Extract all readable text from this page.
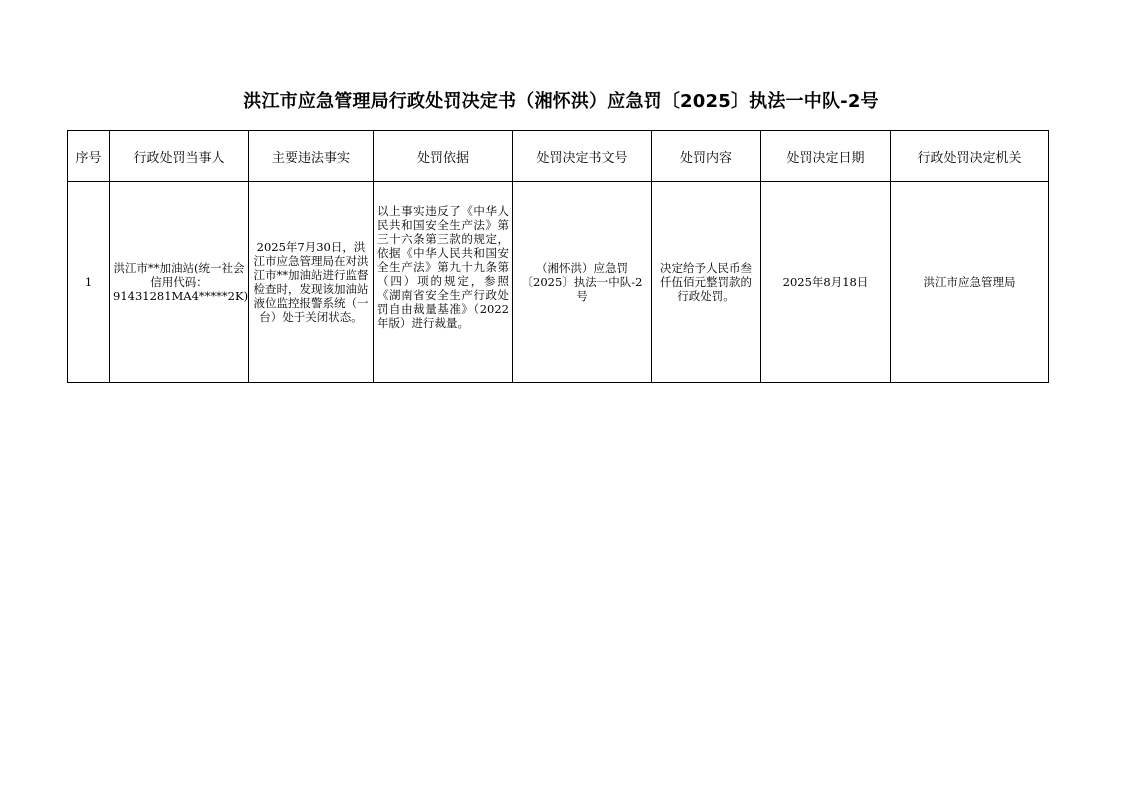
洪江市应急管理局行政处罚决定书（湘怀洪）应急罚〔2025〕执法一中队-2号
序号	行政处罚当事人	主要违法事实	处罚依据	处罚决定书文号	处罚内容	处罚决定日期	行政处罚决定机关

1	洪江市**加油站(统一社会信用代码：91431281MA4*****2K)	2025年7月30日，洪江市应急管理局在对洪江市**加油站进行监督检查时，发现该加油站液位监控报警系统（一台）处于关闭状态。	以上事实违反了《中华人民共和国安全生产法》第三十六条第三款的规定，依据《中华人民共和国安全生产法》第九十九条第（四）项的规定，参照《湖南省安全生产行政处罚自由裁量基准》（2022年版）进行裁量。	（湘怀洪）应急罚〔2025〕执法一中队-2号	决定给予人民币叁仟伍佰元整罚款的行政处罚。	2025年8月18日	洪江市应急管理局
